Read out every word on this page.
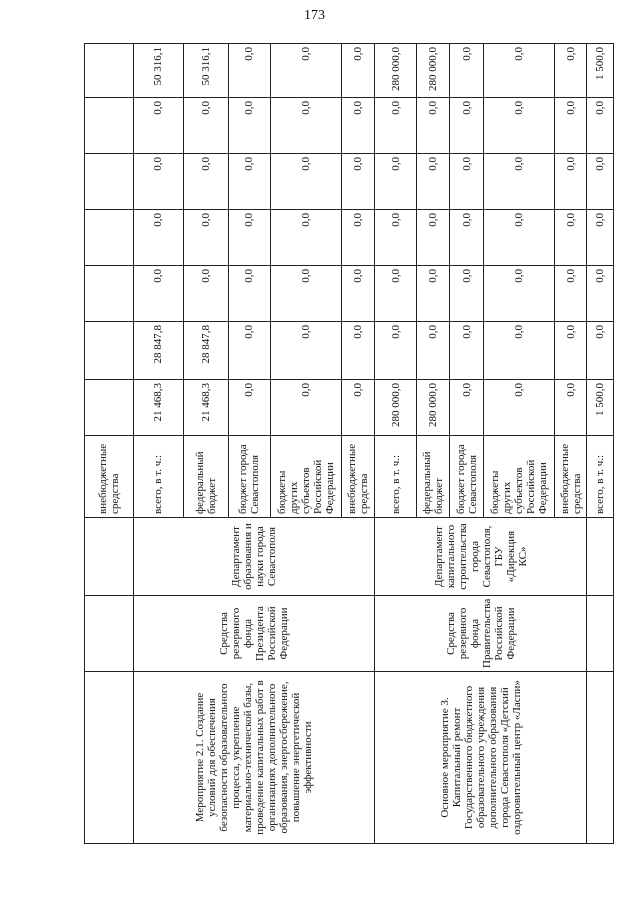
173
			внебюджетные средства							
Мероприятие 2.1. Создание условий для обеспечения безопасности образовательного процесса, укрепление материально-технической базы, проведение капитальных работ в организациях дополнительного образования, энергосбережение, повышение энергетической эффективности	Средства резервного фонда Президента Российской Федерации	Департамент образования и науки города Севастополя	всего, в т. ч.:	21 468,3	28 847,8	0,0	0,0	0,0	0,0	50 316,1
			федеральный бюджет	21 468,3	28 847,8	0,0	0,0	0,0	0,0	50 316,1
			бюджет города Севастополя	0,0	0,0	0,0	0,0	0,0	0,0	0,0
			бюджеты других субъектов Российской Федерации	0,0	0,0	0,0	0,0	0,0	0,0	0,0
			внебюджетные средства	0,0	0,0	0,0	0,0	0,0	0,0	0,0
Основное мероприятие 3. Капитальный ремонт Государственного бюджетного образовательного учреждения дополнительного образования города Севастополя «Детский оздоровительный центр «Ласпи»	Средства резервного фонда Правительства Российской Федерации	Департамент капитального строительства города Севастополя, ГБУ «Дирекция КС»	всего, в т. ч.:	280 000,0	0,0	0,0	0,0	0,0	0,0	280 000,0
			федеральный бюджет	280 000,0	0,0	0,0	0,0	0,0	0,0	280 000,0
			бюджет города Севастополя	0,0	0,0	0,0	0,0	0,0	0,0	0,0
			бюджеты других субъектов Российской Федерации	0,0	0,0	0,0	0,0	0,0	0,0	0,0
			внебюджетные средства	0,0	0,0	0,0	0,0	0,0	0,0	0,0
			всего, в т. ч.:	1 500,0	0,0	0,0	0,0	0,0	0,0	1 500,0
